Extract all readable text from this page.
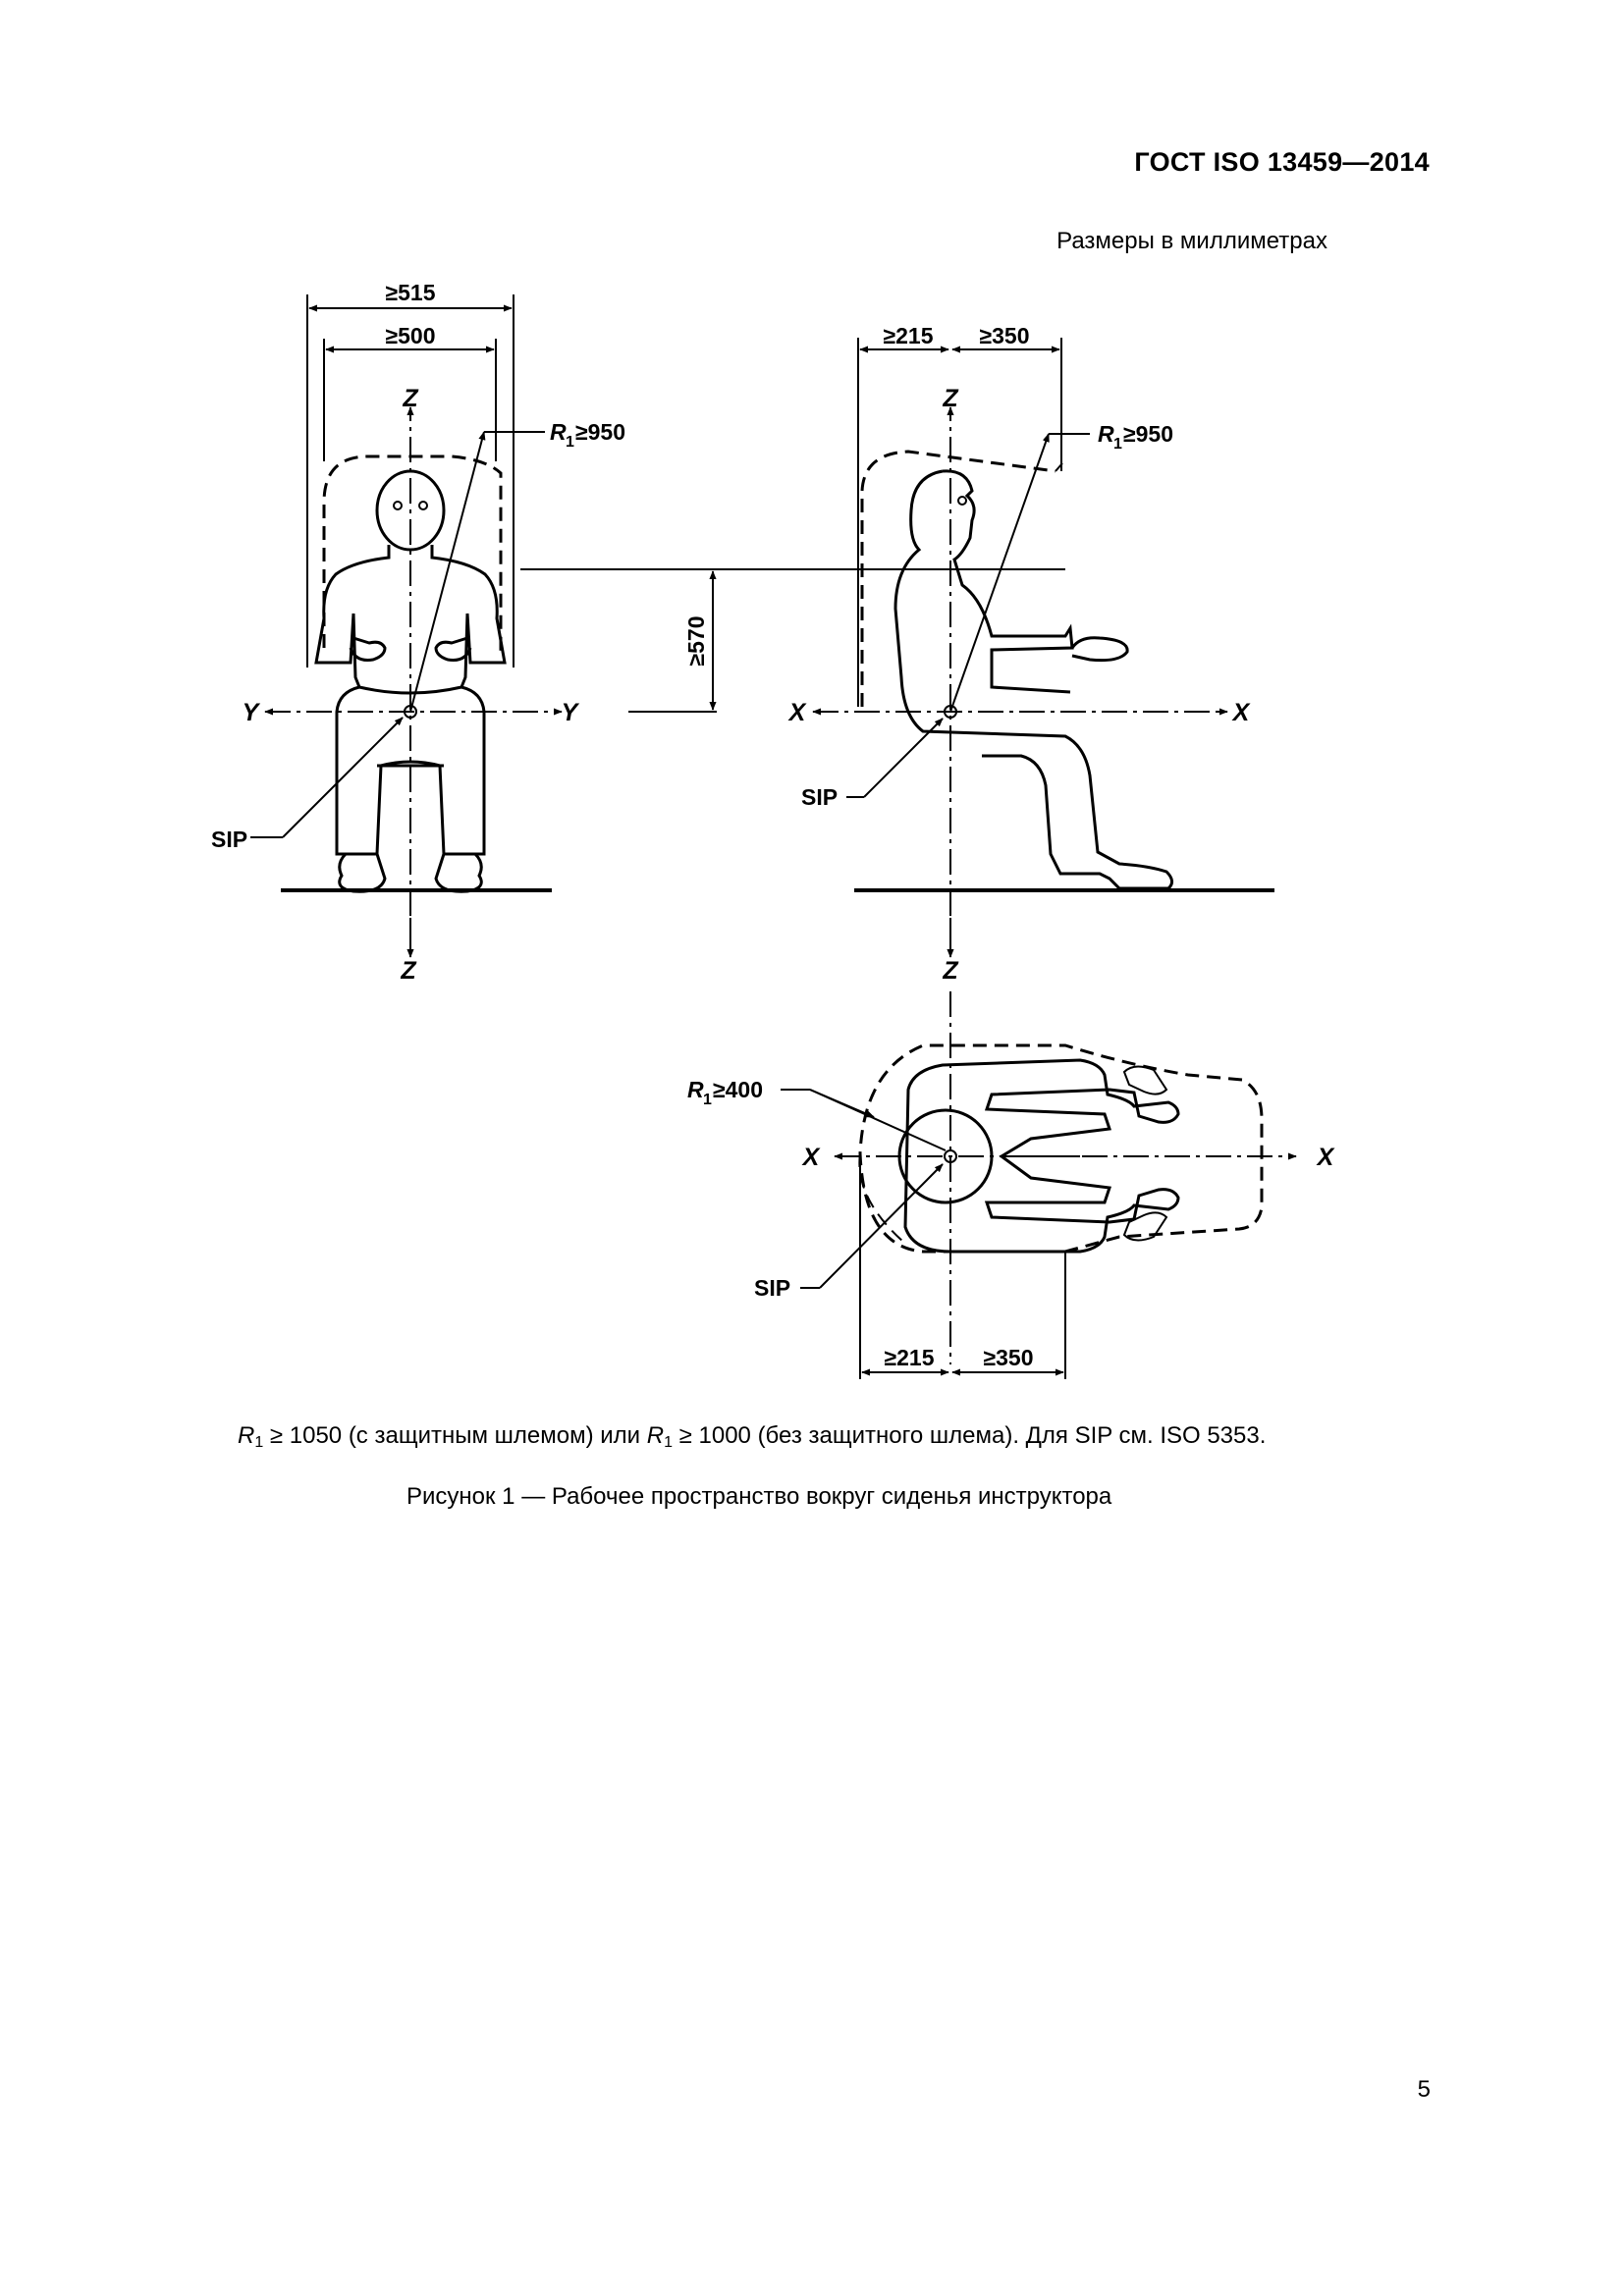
ГОСТ ISO 13459—2014
Размеры в миллиметрах
≥515
≥500
Z
Z
Y	Y
SIP
R 1 ≥950
≥570
≥215 ≥350
Z
Z
X	X
SIP
R 1 ≥950
R 1 ≥400
X	X
SIP
≥215 ≥350
$R_1 \ge 1050$ (с защитным шлемом) или $R_1 \ge 1000$ (без защитного шлема). Для SIP см. ISO 5353.
Рисунок 1 — Рабочее пространство вокруг сиденья инструктора
5
